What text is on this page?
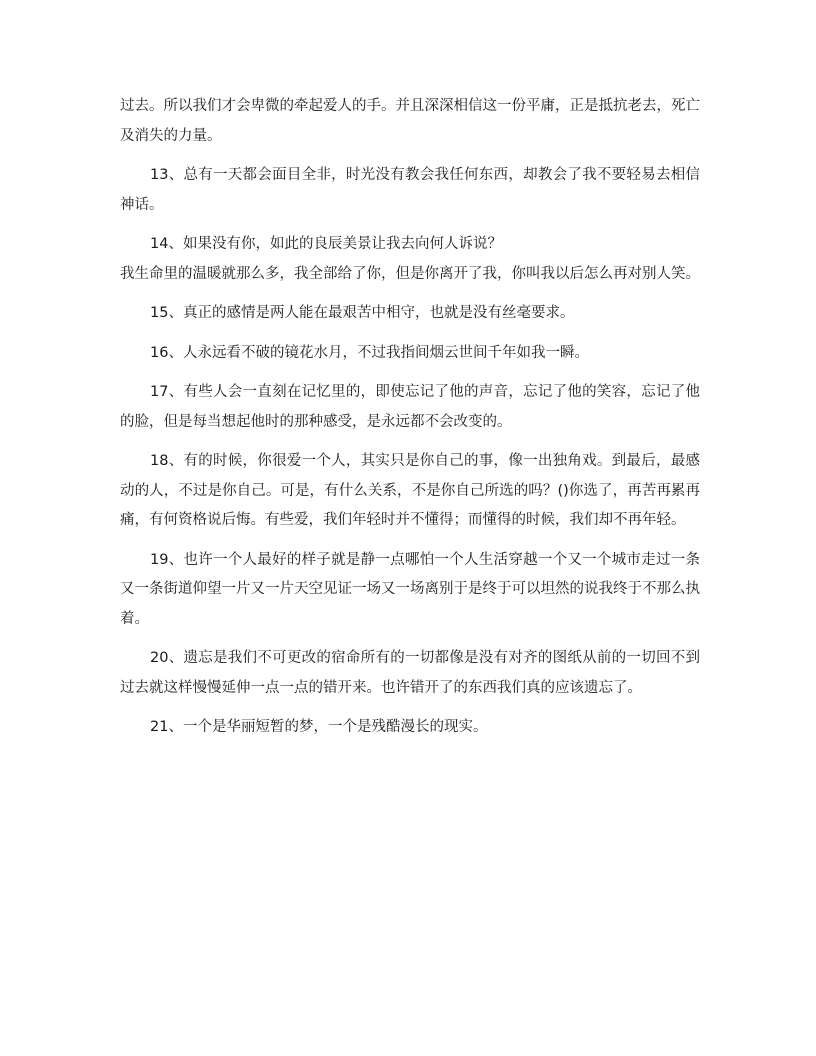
过去。所以我们才会卑微的牵起爱人的手。并且深深相信这一份平庸，正是抵抗老去，死亡及消失的力量。

13、总有一天都会面目全非，时光没有教会我任何东西，却教会了我不要轻易去相信神话。

14、如果没有你，如此的良辰美景让我去向何人诉说？

我生命里的温暖就那么多，我全部给了你，但是你离开了我，你叫我以后怎么再对别人笑。

15、真正的感情是两人能在最艰苦中相守，也就是没有丝毫要求。

16、人永远看不破的镜花水月，不过我指间烟云世间千年如我一瞬。

17、有些人会一直刻在记忆里的，即使忘记了他的声音，忘记了他的笑容，忘记了他的脸，但是每当想起他时的那种感受，是永远都不会改变的。

18、有的时候，你很爱一个人，其实只是你自己的事，像一出独角戏。到最后，最感动的人，不过是你自己。可是，有什么关系，不是你自己所选的吗？()你选了，再苦再累再痛，有何资格说后悔。有些爱，我们年轻时并不懂得；而懂得的时候，我们却不再年轻。

19、也许一个人最好的样子就是静一点哪怕一个人生活穿越一个又一个城市走过一条又一条街道仰望一片又一片天空见证一场又一场离别于是终于可以坦然的说我终于不那么执着。

20、遗忘是我们不可更改的宿命所有的一切都像是没有对齐的图纸从前的一切回不到过去就这样慢慢延伸一点一点的错开来。也许错开了的东西我们真的应该遗忘了。

21、一个是华丽短暂的梦，一个是残酷漫长的现实。
